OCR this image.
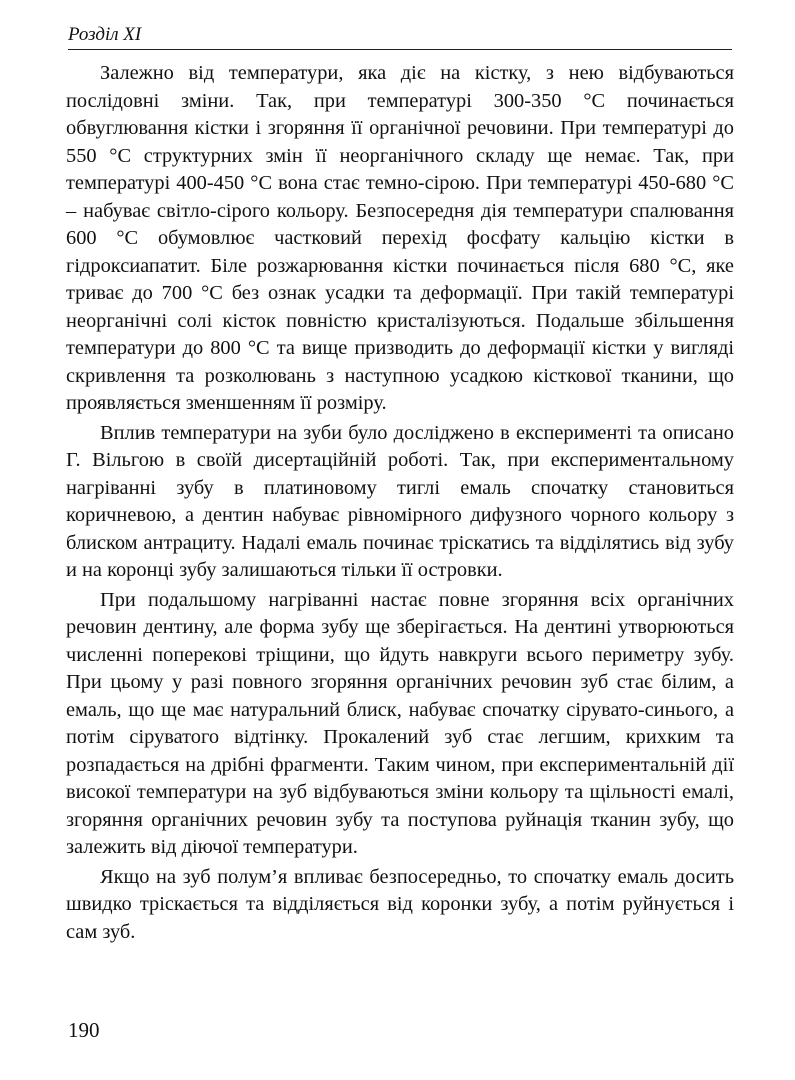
Розділ XI

Залежно від температури, яка діє на кістку, з нею відбуваються послідовні зміни. Так, при температурі 300-350 °С починається обвуглювання кістки і згоряння її органічної речовини. При температурі до 550 °С структурних змін її неорганічного складу ще немає. Так, при температурі 400-450 °С вона стає темно-сірою. При температурі 450-680 °С – набуває світло-сірого кольору. Безпосередня дія температури спалювання 600 °С обумовлює частковий перехід фосфату кальцію кістки в гідроксиапатит. Біле розжарювання кістки починається після 680 °С, яке триває до 700 °С без ознак усадки та деформації. При такій температурі неорганічні солі кісток повністю кристалізуються. Подальше збільшення температури до 800 °С та вище призводить до деформації кістки у вигляді скривлення та розколювань з наступною усадкою кісткової тканини, що проявляється зменшенням її розміру.

Вплив температури на зуби було досліджено в експерименті та описано Г. Вільгою в своїй дисертаційній роботі. Так, при експериментальному нагріванні зубу в платиновому тиглі емаль спочатку становиться коричневою, а дентин набуває рівномірного дифузного чорного кольору з блиском антрациту. Надалі емаль починає тріскатись та відділятись від зубу и на коронці зубу залишаються тільки її островки.

При подальшому нагріванні настає повне згоряння всіх органічних речовин дентину, але форма зубу ще зберігається. На дентині утворюються численні поперекові тріщини, що йдуть навкруги всього периметру зубу. При цьому у разі повного згоряння органічних речовин зуб стає білим, а емаль, що ще має натуральний блиск, набуває спочатку сірувато-синього, а потім сіруватого відтінку. Прокалений зуб стає легшим, крихким та розпадається на дрібні фрагменти. Таким чином, при експериментальній дії високої температури на зуб відбуваються зміни кольору та щільності емалі, згоряння органічних речовин зубу та поступова руйнація тканин зубу, що залежить від діючої температури.

Якщо на зуб полум’я впливає безпосередньо, то спочатку емаль досить швидко тріскається та відділяється від коронки зубу, а потім руйнується і сам зуб.

190
